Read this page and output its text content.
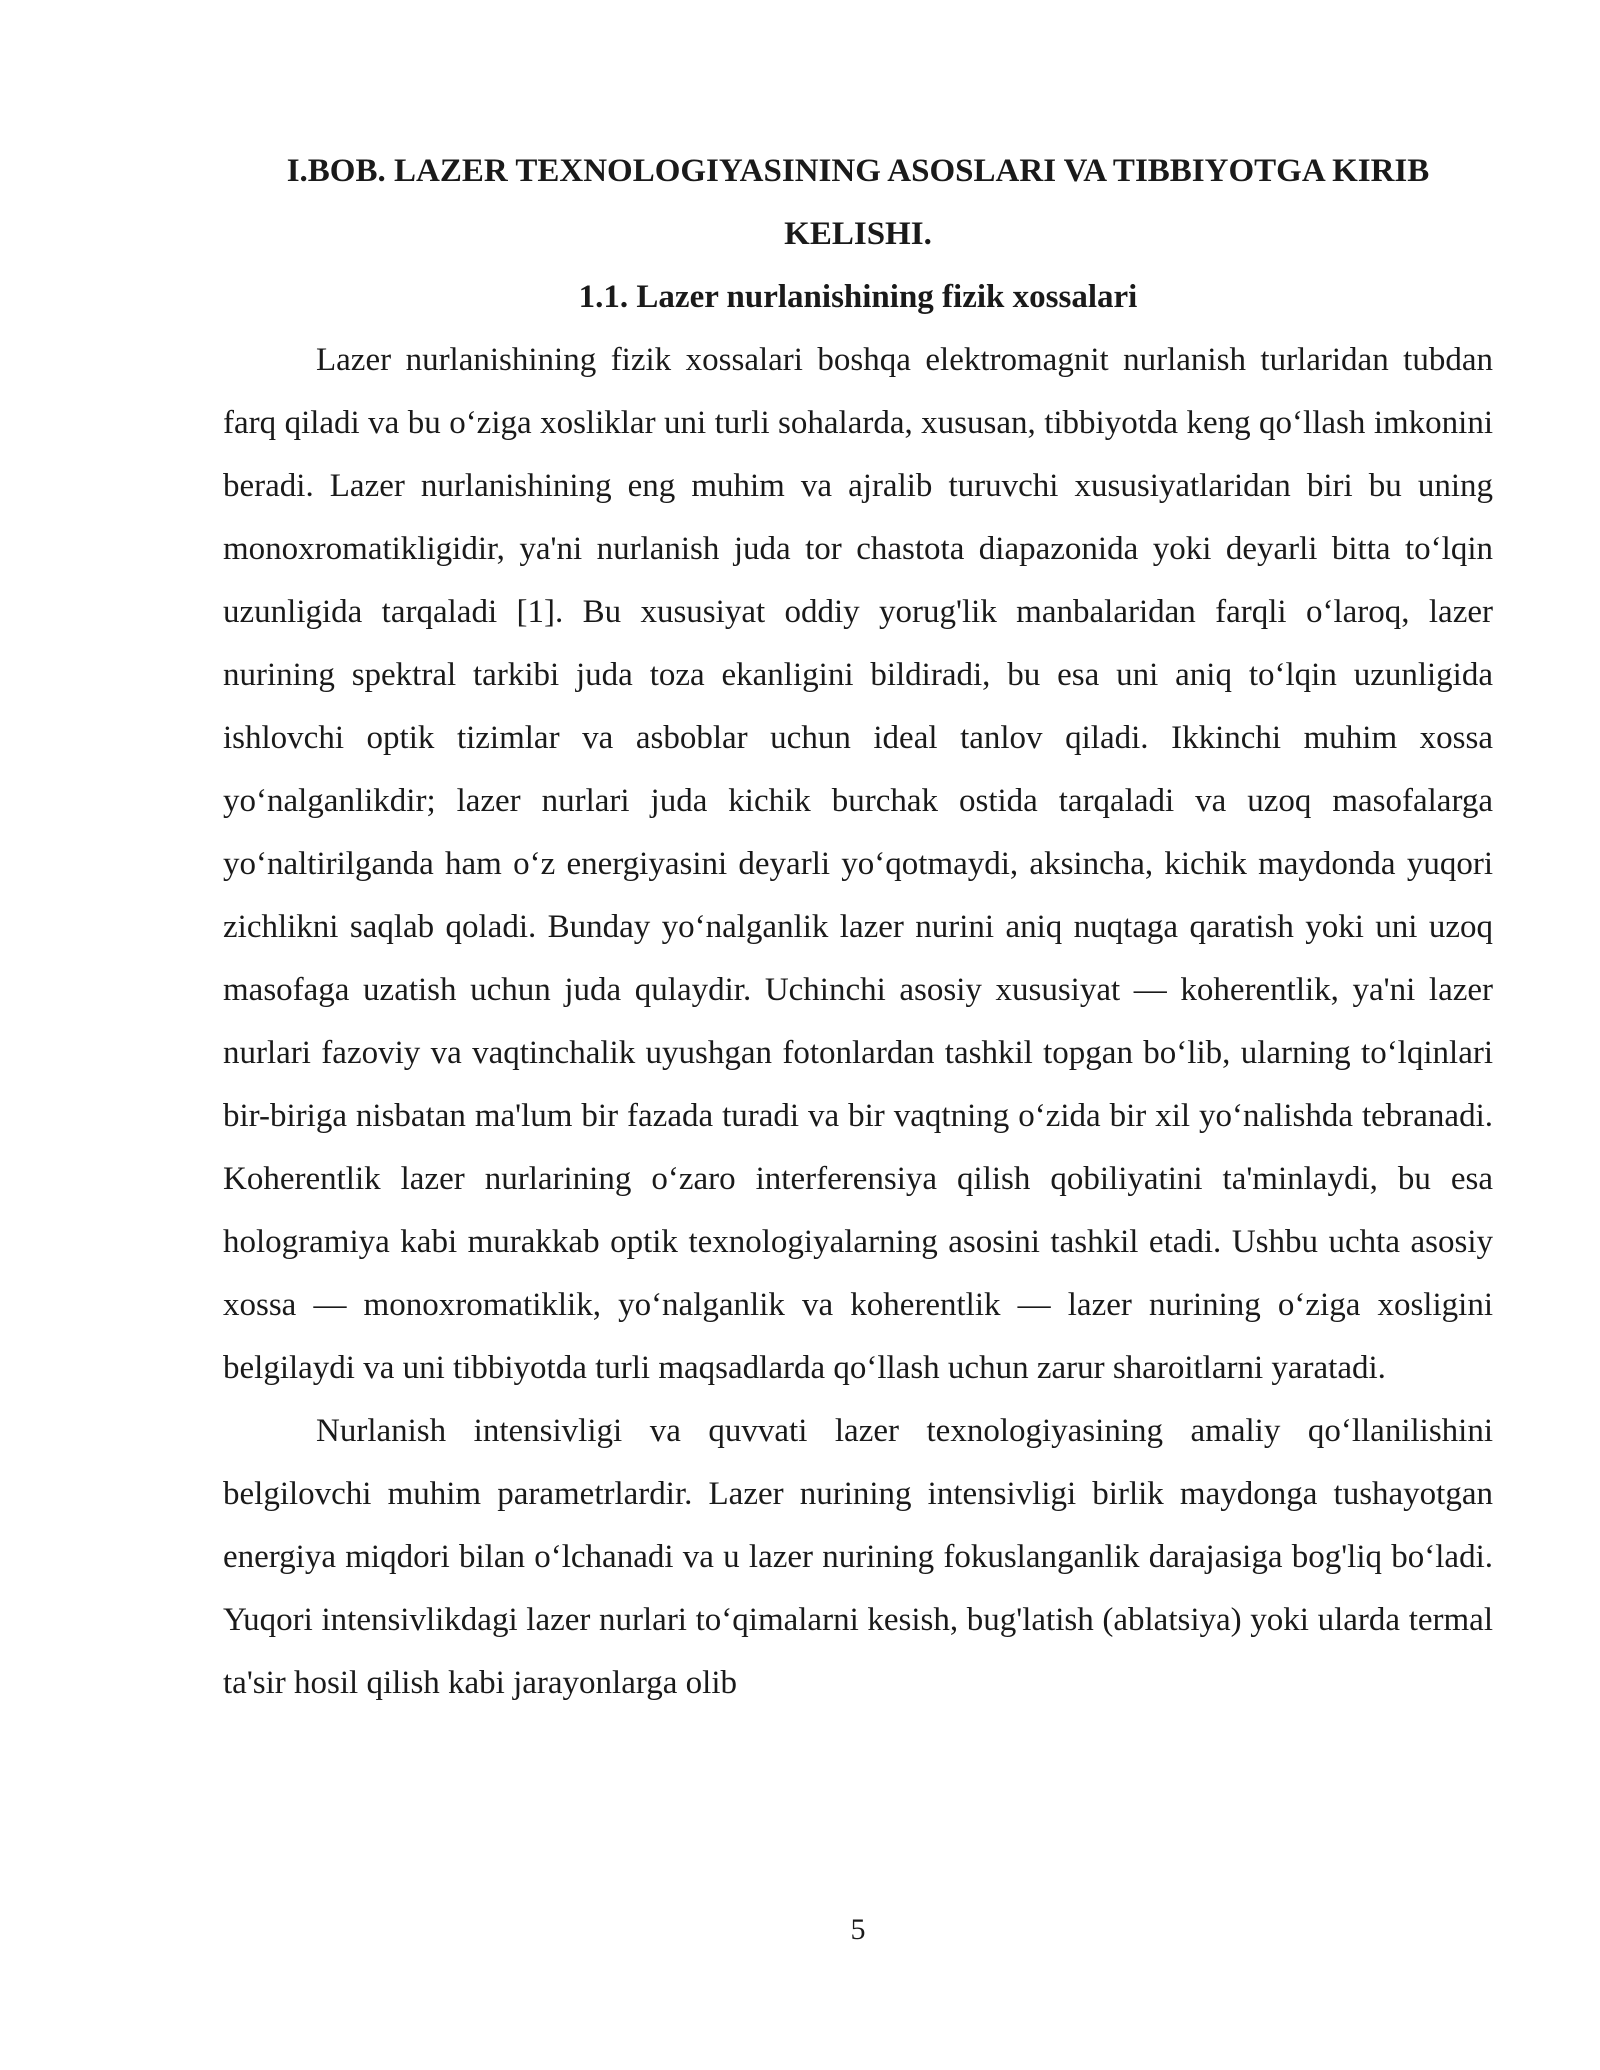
I.BOB. LAZER TEXNOLOGIYASINING ASOSLARI VA TIBBIYOTGA KIRIB KELISHI.
1.1. Lazer nurlanishining fizik xossalari

Lazer nurlanishining fizik xossalari boshqa elektromagnit nurlanish turlaridan tubdan farq qiladi va bu o‘ziga xosliklar uni turli sohalarda, xususan, tibbiyotda keng qo‘llash imkonini beradi. Lazer nurlanishining eng muhim va ajralib turuvchi xususiyatlaridan biri bu uning monoxromatikligidir, ya'ni nurlanish juda tor chastota diapazonida yoki deyarli bitta to‘lqin uzunligida tarqaladi [1]. Bu xususiyat oddiy yorug'lik manbalaridan farqli o‘laroq, lazer nurining spektral tarkibi juda toza ekanligini bildiradi, bu esa uni aniq to‘lqin uzunligida ishlovchi optik tizimlar va asboblar uchun ideal tanlov qiladi. Ikkinchi muhim xossa yo‘nalganlikdir; lazer nurlari juda kichik burchak ostida tarqaladi va uzoq masofalarga yo‘naltirilganda ham o‘z energiyasini deyarli yo‘qotmaydi, aksincha, kichik maydonda yuqori zichlikni saqlab qoladi. Bunday yo‘nalganlik lazer nurini aniq nuqtaga qaratish yoki uni uzoq masofaga uzatish uchun juda qulaydir. Uchinchi asosiy xususiyat — koherentlik, ya'ni lazer nurlari fazoviy va vaqtinchalik uyushgan fotonlardan tashkil topgan bo‘lib, ularning to‘lqinlari bir-biriga nisbatan ma'lum bir fazada turadi va bir vaqtning o‘zida bir xil yo‘nalishda tebranadi. Koherentlik lazer nurlarining o‘zaro interferensiya qilish qobiliyatini ta'minlaydi, bu esa hologramiya kabi murakkab optik texnologiyalarning asosini tashkil etadi. Ushbu uchta asosiy xossa — monoxromatiklik, yo‘nalganlik va koherentlik — lazer nurining o‘ziga xosligini belgilaydi va uni tibbiyotda turli maqsadlarda qo‘llash uchun zarur sharoitlarni yaratadi.

Nurlanish intensivligi va quvvati lazer texnologiyasining amaliy qo‘llanilishini belgilovchi muhim parametrlardir. Lazer nurining intensivligi birlik maydonga tushayotgan energiya miqdori bilan o‘lchanadi va u lazer nurining fokuslanganlik darajasiga bog'liq bo‘ladi. Yuqori intensivlikdagi lazer nurlari to‘qimalarni kesish, bug'latish (ablatsiya) yoki ularda termal ta'sir hosil qilish kabi jarayonlarga olib

5
